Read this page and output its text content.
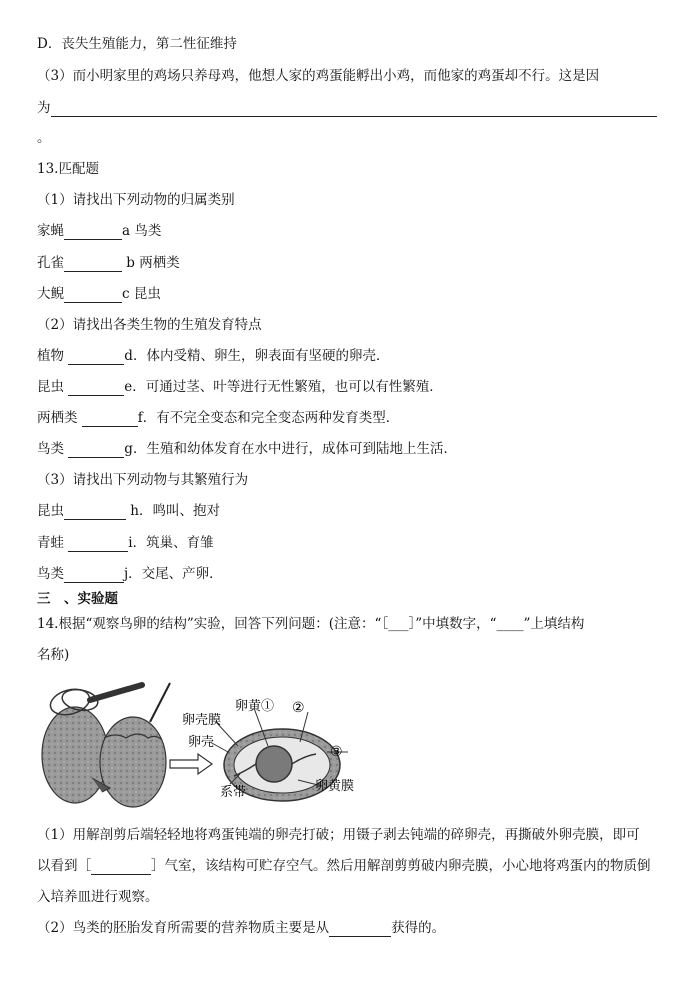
D．丧失生殖能力，第二性征维持
（3）而小明家里的鸡场只养母鸡，他想人家的鸡蛋能孵出小鸡，而他家的鸡蛋却不行。这是因
为
。
13.匹配题
（1）请找出下列动物的归属类别
家蝇	a 鸟类
孔雀	b 两栖类
大鲵	c 昆虫
（2）请找出各类生物的生殖发育特点
植物	d．体内受精、卵生，卵表面有坚硬的卵壳．
昆虫	e．可通过茎、叶等进行无性繁殖，也可以有性繁殖．
两栖类	f．有不完全变态和完全变态两种发育类型．
鸟类	g．生殖和幼体发育在水中进行，成体可到陆地上生活．
（3）请找出下列动物与其繁殖行为
昆虫	h．鸣叫、抱对
青蛙	i．筑巢、育雏
鸟类	j．交尾、产卵．
三　、实验题
14.根据“观察鸟卵的结构”实验，回答下列问题：(注意：“［___］”中填数字，“____”上填结构
名称)
卵壳膜
卵黄① ②
卵壳
③
系带	卵黄膜
（1）用解剖剪后端轻轻地将鸡蛋钝端的卵壳打破；用镊子剥去钝端的碎卵壳，再撕破外卵壳膜，即可
以看到［	］气室，该结构可贮存空气。然后用解剖剪剪破内卵壳膜，小心地将鸡蛋内的物质倒
入培养皿进行观察。
（2）鸟类的胚胎发育所需要的营养物质主要是从	获得的。
